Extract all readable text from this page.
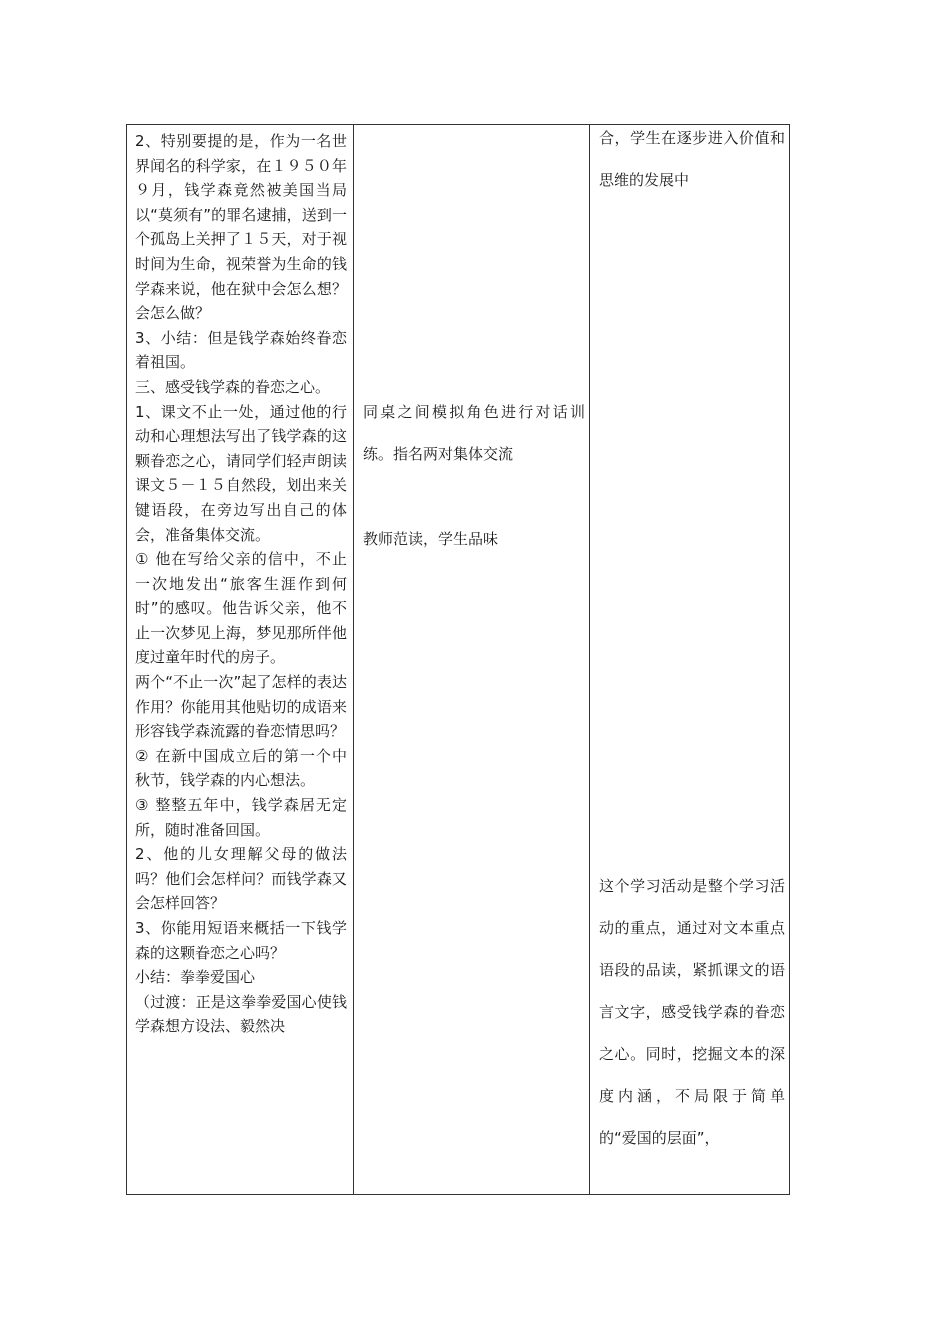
2、特别要提的是，作为一名世界闻名的科学家，在１９５０年９月，钱学森竟然被美国当局以“莫须有”的罪名逮捕，送到一个孤岛上关押了１５天，对于视时间为生命，视荣誉为生命的钱学森来说，他在狱中会怎么想？会怎么做？

3、小结：但是钱学森始终眷恋着祖国。

三、感受钱学森的眷恋之心。

1、课文不止一处，通过他的行动和心理想法写出了钱学森的这颗眷恋之心，请同学们轻声朗读课文５－１５自然段，划出来关键语段，在旁边写出自己的体会，准备集体交流。

① 他在写给父亲的信中，不止一次地发出“旅客生涯作到何时”的感叹。他告诉父亲，他不止一次梦见上海，梦见那所伴他度过童年时代的房子。

两个“不止一次”起了怎样的表达作用？你能用其他贴切的成语来形容钱学森流露的眷恋情思吗？

② 在新中国成立后的第一个中秋节，钱学森的内心想法。

③ 整整五年中，钱学森居无定所，随时准备回国。

2、他的儿女理解父母的做法吗？他们会怎样问？而钱学森又会怎样回答？

3、你能用短语来概括一下钱学森的这颗眷恋之心吗？

小结：拳拳爱国心

（过渡：正是这拳拳爱国心使钱学森想方设法、毅然决

同桌之间模拟角色进行对话训练。指名两对集体交流

教师范读，学生品味

合，学生在逐步进入价值和思维的发展中

这个学习活动是整个学习活动的重点，通过对文本重点语段的品读，紧抓课文的语言文字，感受钱学森的眷恋之心。同时，挖掘文本的深度内涵，不局限于简单的“爱国的层面”，
